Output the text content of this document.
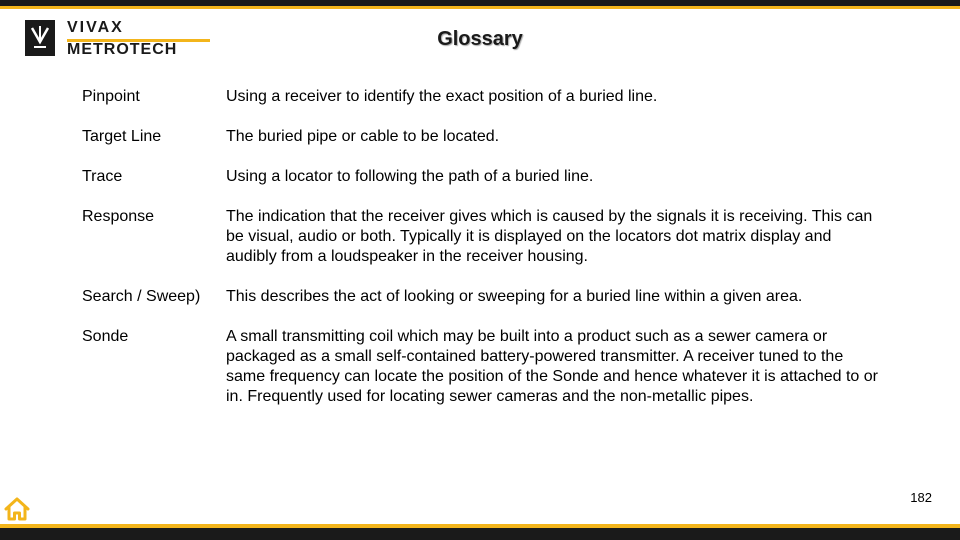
VIVAX
METROTECH	Glossary
Pinpoint	Using a receiver to identify the exact position of a buried line.
Target Line	The buried pipe or cable to be located.
Trace	Using a locator to following the path of a buried line.
Response	The indication that the receiver gives which is caused by the signals it is receiving. This can be visual, audio or both. Typically it is displayed on the locators dot matrix display and audibly from a loudspeaker in the receiver housing.
Search / Sweep)	This describes the act of looking or sweeping for a buried line within a given area.
Sonde	A small transmitting coil which may be built into a product such as a sewer camera or packaged as a small self-contained battery-powered transmitter. A receiver tuned to the same frequency can locate the position of the Sonde and hence whatever it is attached to or in. Frequently used for locating sewer cameras and the non-metallic pipes.
182
